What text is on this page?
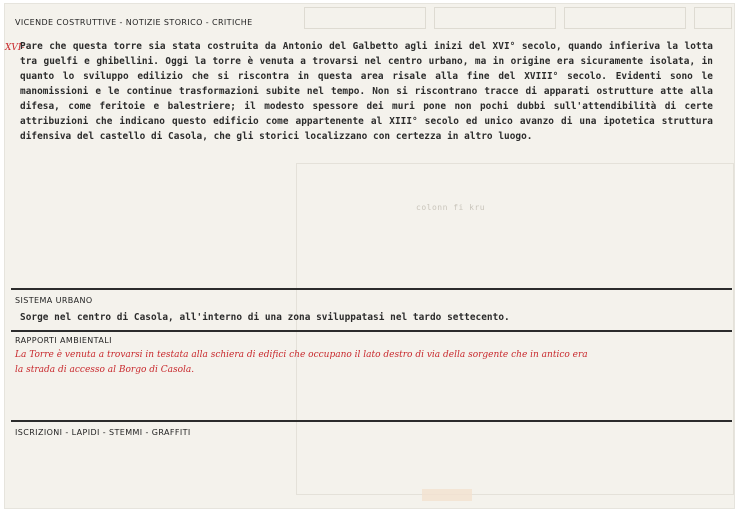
colonn fi kru
VICENDE COSTRUTTIVE - NOTIZIE STORICO - CRITICHE
XVI-

Pare che questa torre sia stata costruita da Antonio del Galbetto agli inizi del XVI° secolo, quando infieriva la lotta tra guelfi e ghibellini. Oggi la torre è venuta a trovarsi nel centro urbano, ma in origine era sicuramente isolata, in quanto lo sviluppo edilizio che si riscontra in questa area risale alla fine del XVIII° secolo. Evidenti sono le manomissioni e le continue trasformazioni subite nel tempo. Non si riscontrano tracce di apparati ostrutture atte alla difesa, come feritoie e balestriere; il modesto spessore dei muri pone non pochi dubbi sull'attendibilità di certe attribuzioni che indicano questo edificio come appartenente al XIII° secolo ed unico avanzo di una ipotetica struttura difensiva del castello di Casola, che gli storici localizzano con certezza in altro luogo.

SISTEMA URBANO

Sorge nel centro di Casola, all'interno di una zona sviluppatasi nel tardo settecento.

RAPPORTI AMBIENTALI

La Torre è venuta a trovarsi in testata alla schiera di edifici che occupano il lato destro di via della sorgente che in antico era

la strada di accesso al Borgo di Casola.

ISCRIZIONI - LAPIDI - STEMMI - GRAFFITI
